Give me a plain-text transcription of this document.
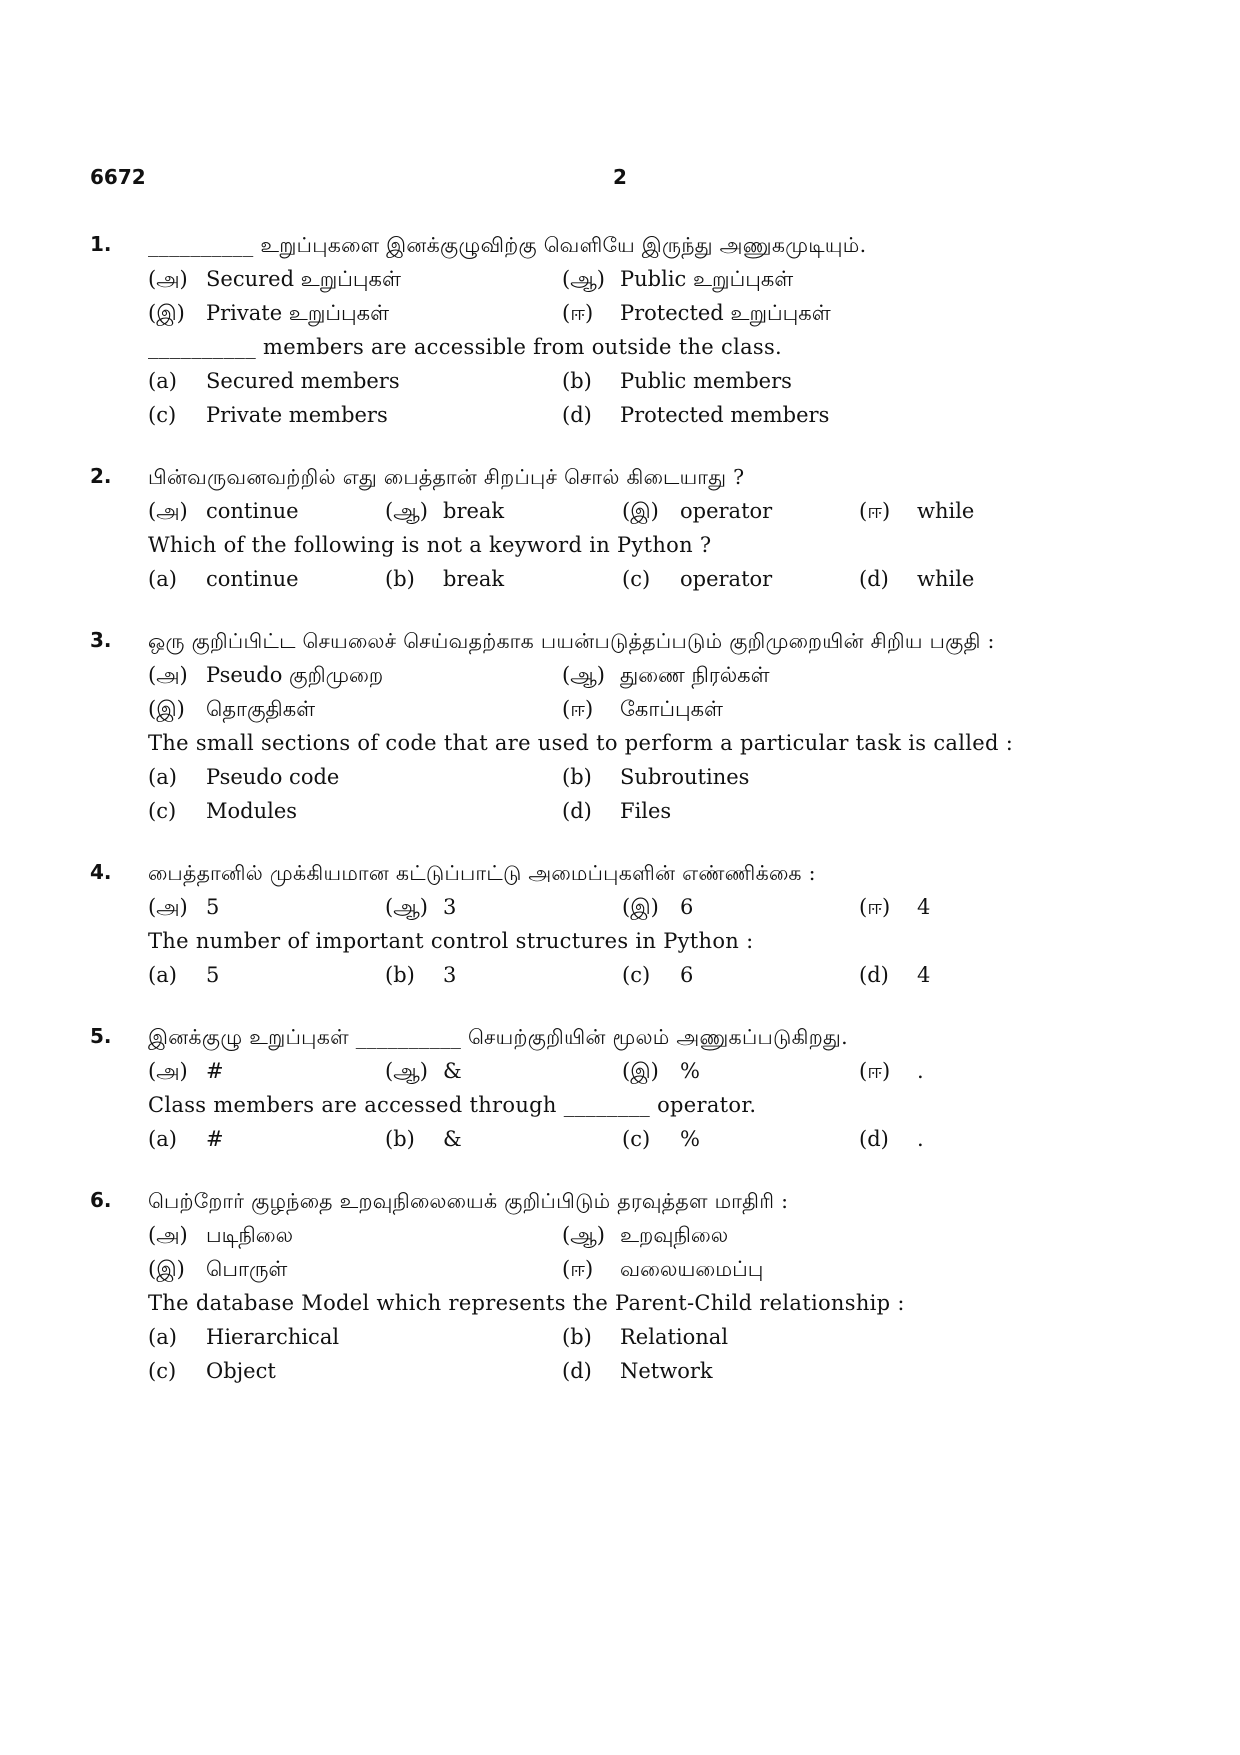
6672	2
1. __________ உறுப்புகளை இனக்குழுவிற்கு வெளியே இருந்து அணுகமுடியும்.
(அ) Secured உறுப்புகள்	(ஆ) Public உறுப்புகள்
(இ)	Private உறுப்புகள்	(ஈ)	Protected உறுப்புகள்
__________ members are accessible from outside the class.
(a)	Secured members	(b)	Public members
(c)	Private members	(d)	Protected members
2. பின்வருவனவற்றில் எது பைத்தான் சிறப்புச் சொல் கிடையாது ?
(அ) continue	(ஆ) break	(இ)	operator	(ஈ)	while
Which of the following is not a keyword in Python ?
(a)	continue	(b)	break	(c)	operator	(d)	while
3. ஒரு குறிப்பிட்ட செயலைச் செய்வதற்காக பயன்படுத்தப்படும் குறிமுறையின் சிறிய பகுதி :
(அ) Pseudo குறிமுறை	(ஆ) துணை நிரல்கள்
(இ)	தொகுதிகள்	(ஈ)	கோப்புகள்
The small sections of code that are used to perform a particular task is called :
(a)	Pseudo code	(b)	Subroutines
(c)	Modules	(d)	Files
4. பைத்தானில் முக்கியமான கட்டுப்பாட்டு அமைப்புகளின் எண்ணிக்கை :
(அ) 5	(ஆ) 3	(இ)	6	(ஈ)	4
The number of important control structures in Python :
(a)	5	(b)	3	(c)	6	(d)	4
5. இனக்குழு உறுப்புகள் __________ செயற்குறியின் மூலம் அணுகப்படுகிறது.
(அ) #	(ஆ) &	(இ)	%	(ஈ)	.
Class members are accessed through ________ operator.
(a)	#	(b)	&	(c)	%	(d)	.
6. பெற்றோர் குழந்தை உறவுநிலையைக் குறிப்பிடும் தரவுத்தள மாதிரி :
(அ) படிநிலை	(ஆ) உறவுநிலை
(இ)	பொருள்	(ஈ)	வலையமைப்பு
The database Model which represents the Parent-Child relationship :
(a)	Hierarchical	(b)	Relational
(c)	Object	(d)	Network
